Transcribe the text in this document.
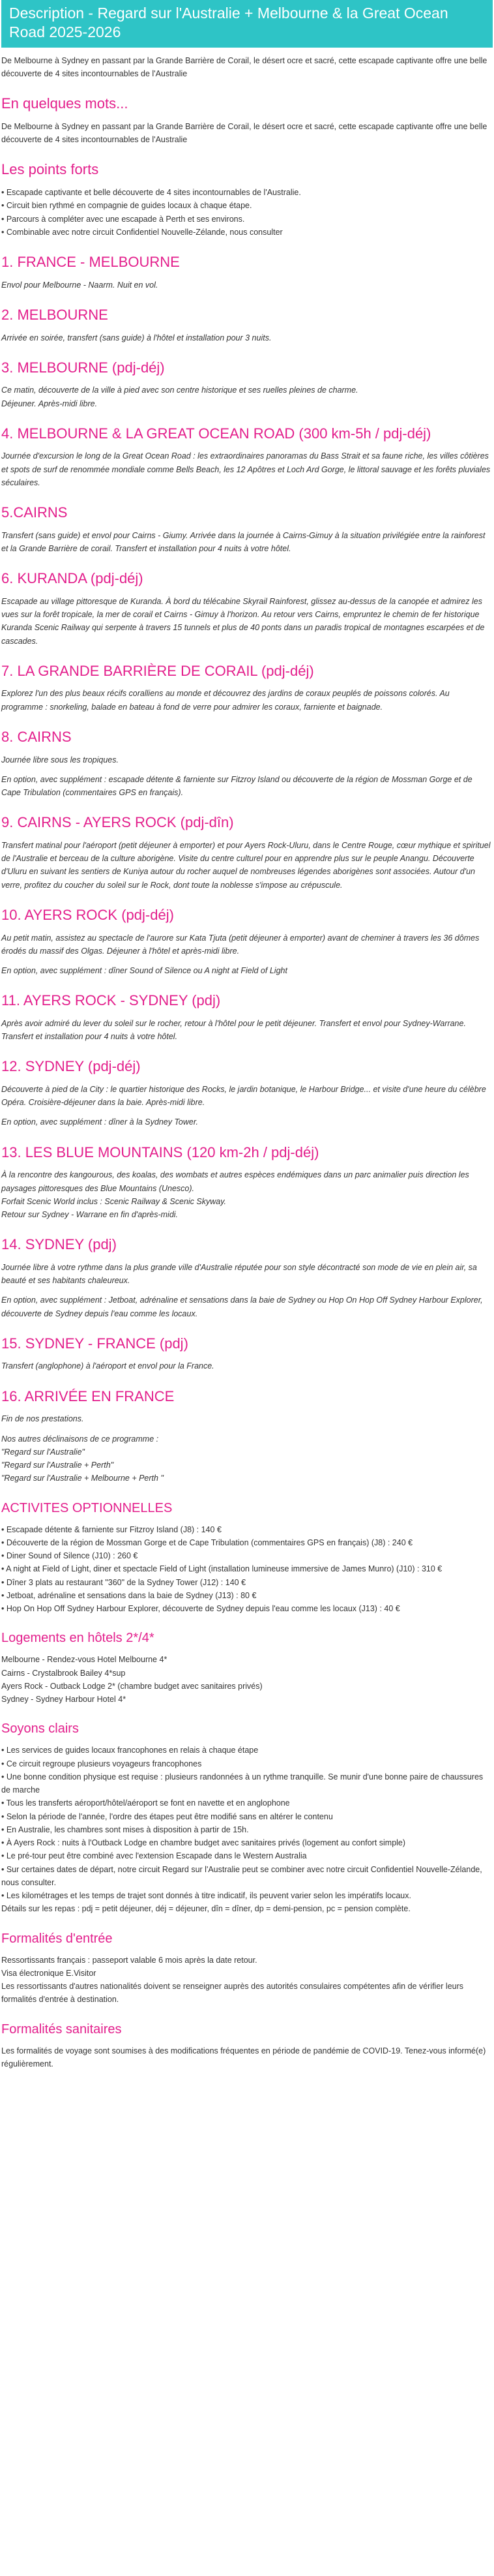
Description - Regard sur l'Australie + Melbourne & la Great Ocean Road 2025-2026

De Melbourne à Sydney en passant par la Grande Barrière de Corail, le désert ocre et sacré, cette escapade captivante offre une belle découverte de 4 sites incontournables de l'Australie

En quelques mots...

De Melbourne à Sydney en passant par la Grande Barrière de Corail, le désert ocre et sacré, cette escapade captivante offre une belle découverte de 4 sites incontournables de l'Australie

Les points forts
• Escapade captivante et belle découverte de 4 sites incontournables de l'Australie.
• Circuit bien rythmé en compagnie de guides locaux à chaque étape.
• Parcours à compléter avec une escapade à Perth et ses environs.
• Combinable avec notre circuit Confidentiel Nouvelle-Zélande, nous consulter
1. FRANCE - MELBOURNE

Envol pour Melbourne - Naarm. Nuit en vol.

2. MELBOURNE

Arrivée en soirée, transfert (sans guide) à l'hôtel et installation pour 3 nuits.

3. MELBOURNE (pdj-déj)

Ce matin, découverte de la ville à pied avec son centre historique et ses ruelles pleines de charme.
Déjeuner. Après-midi libre.

4. MELBOURNE & LA GREAT OCEAN ROAD (300 km-5h / pdj-déj)

Journée d'excursion le long de la Great Ocean Road : les extraordinaires panoramas du Bass Strait et sa faune riche, les villes côtières et spots de surf de renommée mondiale comme Bells Beach, les 12 Apôtres et Loch Ard Gorge, le littoral sauvage et les forêts pluviales séculaires.

5.CAIRNS

Transfert (sans guide) et envol pour Cairns - Giumy. Arrivée dans la journée à Cairns-Gimuy à la situation privilégiée entre la rainforest et la Grande Barrière de corail. Transfert et installation pour 4 nuits à votre hôtel.

6. KURANDA (pdj-déj)

Escapade au village pittoresque de Kuranda. À bord du télécabine Skyrail Rainforest, glissez au-dessus de la canopée et admirez les vues sur la forêt tropicale, la mer de corail et Cairns - Gimuy à l'horizon. Au retour vers Cairns, empruntez le chemin de fer historique Kuranda Scenic Railway qui serpente à travers 15 tunnels et plus de 40 ponts dans un paradis tropical de montagnes escarpées et de cascades.

7. LA GRANDE BARRIÈRE DE CORAIL (pdj-déj)

Explorez l'un des plus beaux récifs coralliens au monde et découvrez des jardins de coraux peuplés de poissons colorés. Au programme : snorkeling, balade en bateau à fond de verre pour admirer les coraux, farniente et baignade.

8. CAIRNS

Journée libre sous les tropiques.

En option, avec supplément : escapade détente & farniente sur Fitzroy Island ou découverte de la région de Mossman Gorge et de Cape Tribulation (commentaires GPS en français).

9. CAIRNS - AYERS ROCK (pdj-dîn)

Transfert matinal pour l'aéroport (petit déjeuner à emporter) et pour Ayers Rock-Uluru, dans le Centre Rouge, cœur mythique et spirituel de l'Australie et berceau de la culture aborigène. Visite du centre culturel pour en apprendre plus sur le peuple Anangu. Découverte d'Uluru en suivant les sentiers de Kuniya autour du rocher auquel de nombreuses légendes aborigènes sont associées. Autour d'un verre, profitez du coucher du soleil sur le Rock, dont toute la noblesse s'impose au crépuscule.

10. AYERS ROCK (pdj-déj)

Au petit matin, assistez au spectacle de l'aurore sur Kata Tjuta (petit déjeuner à emporter) avant de cheminer à travers les 36 dômes érodés du massif des Olgas. Déjeuner à l'hôtel et après-midi libre.

En option, avec supplément : dîner Sound of Silence ou A night at Field of Light

11. AYERS ROCK - SYDNEY (pdj)

Après avoir admiré du lever du soleil sur le rocher, retour à l'hôtel pour le petit déjeuner. Transfert et envol pour Sydney-Warrane.
Transfert et installation pour 4 nuits à votre hôtel.

12. SYDNEY (pdj-déj)

Découverte à pied de la City : le quartier historique des Rocks, le jardin botanique, le Harbour Bridge... et visite d'une heure du célèbre Opéra. Croisière-déjeuner dans la baie. Après-midi libre.

En option, avec supplément : dîner à la Sydney Tower.

13. LES BLUE MOUNTAINS (120 km-2h / pdj-déj)

À la rencontre des kangourous, des koalas, des wombats et autres espèces endémiques dans un parc animalier puis direction les paysages pittoresques des Blue Mountains (Unesco).
Forfait Scenic World inclus : Scenic Railway & Scenic Skyway.
Retour sur Sydney - Warrane en fin d'après-midi.

14. SYDNEY (pdj)

Journée libre à votre rythme dans la plus grande ville d'Australie réputée pour son style décontracté son mode de vie en plein air, sa beauté et ses habitants chaleureux.

En option, avec supplément : Jetboat, adrénaline et sensations dans la baie de Sydney ou Hop On Hop Off Sydney Harbour Explorer, découverte de Sydney depuis l'eau comme les locaux.

15. SYDNEY - FRANCE (pdj)

Transfert (anglophone) à l'aéroport et envol pour la France.

16. ARRIVÉE EN FRANCE

Fin de nos prestations.

Nos autres déclinaisons de ce programme :
"Regard sur l'Australie"
"Regard sur l'Australie + Perth"
"Regard sur l'Australie + Melbourne + Perth "

ACTIVITES OPTIONNELLES
• Escapade détente & farniente sur Fitzroy Island (J8) : 140 €
• Découverte de la région de Mossman Gorge et de Cape Tribulation (commentaires GPS en français) (J8) : 240 €
• Diner Sound of Silence (J10) : 260 €
• A night at Field of Light, diner et spectacle Field of Light (installation lumineuse immersive de James Munro) (J10) : 310 €
• Dîner 3 plats au restaurant "360" de la Sydney Tower (J12) : 140 €
• Jetboat, adrénaline et sensations dans la baie de Sydney (J13) : 80 €
• Hop On Hop Off Sydney Harbour Explorer, découverte de Sydney depuis l'eau comme les locaux (J13) : 40 €
Logements en hôtels 2*/4*
Melbourne - Rendez-vous Hotel Melbourne 4*
Cairns - Crystalbrook Bailey 4*sup
Ayers Rock - Outback Lodge 2* (chambre budget avec sanitaires privés)
Sydney - Sydney Harbour Hotel 4*
Soyons clairs
• Les services de guides locaux francophones en relais à chaque étape
• Ce circuit regroupe plusieurs voyageurs francophones
• Une bonne condition physique est requise : plusieurs randonnées à un rythme tranquille. Se munir d'une bonne paire de chaussures de marche
• Tous les transferts aéroport/hôtel/aéroport se font en navette et en anglophone
• Selon la période de l'année, l'ordre des étapes peut être modifié sans en altérer le contenu
• En Australie, les chambres sont mises à disposition à partir de 15h.
• À Ayers Rock : nuits à l'Outback Lodge en chambre budget avec sanitaires privés (logement au confort simple)
• Le pré-tour peut être combiné avec l'extension Escapade dans le Western Australia
• Sur certaines dates de départ, notre circuit Regard sur l'Australie peut se combiner avec notre circuit Confidentiel Nouvelle-Zélande, nous consulter.
• Les kilométrages et les temps de trajet sont donnés à titre indicatif, ils peuvent varier selon les impératifs locaux.
Détails sur les repas : pdj = petit déjeuner, déj = déjeuner, dîn = dîner, dp = demi-pension, pc = pension complète.
Formalités d'entrée

Ressortissants français : passeport valable 6 mois après la date retour.
Visa électronique E.Visitor
Les ressortissants d'autres nationalités doivent se renseigner auprès des autorités consulaires compétentes afin de vérifier leurs formalités d'entrée à destination.

Formalités sanitaires

Les formalités de voyage sont soumises à des modifications fréquentes en période de pandémie de COVID-19. Tenez-vous informé(e) régulièrement.
